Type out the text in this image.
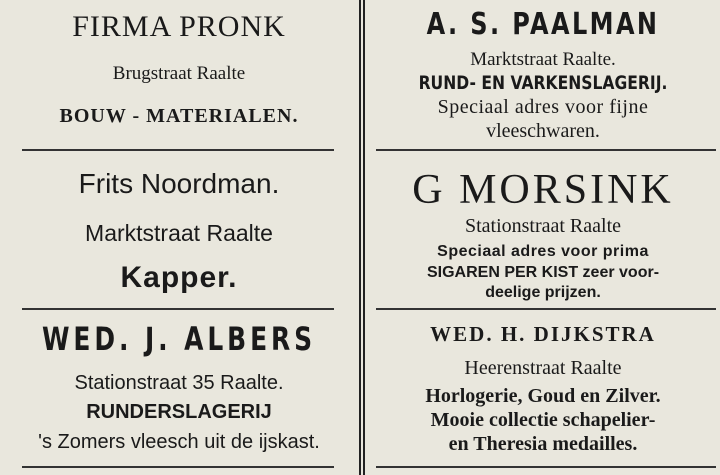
FIRMA PRONK
Brugstraat Raalte
BOUW - MATERIALEN.
Frits Noordman.
Marktstraat Raalte
Kapper.
WED. J. ALBERS
Stationstraat 35 Raalte.
RUNDERSLAGERIJ
's Zomers vleesch uit de ijskast.
A. S. PAALMAN
Marktstraat Raalte.
RUND- EN VARKENSLAGERIJ.
Speciaal adres voor fijne
vleeschwaren.
G MORSINK
Stationstraat Raalte
Speciaal adres voor prima
SIGAREN PER KIST zeer voor-
deelige prijzen.
WED. H. DIJKSTRA
Heerenstraat Raalte
Horlogerie, Goud en Zilver.
Mooie collectie schapelier-
en Theresia medailles.
